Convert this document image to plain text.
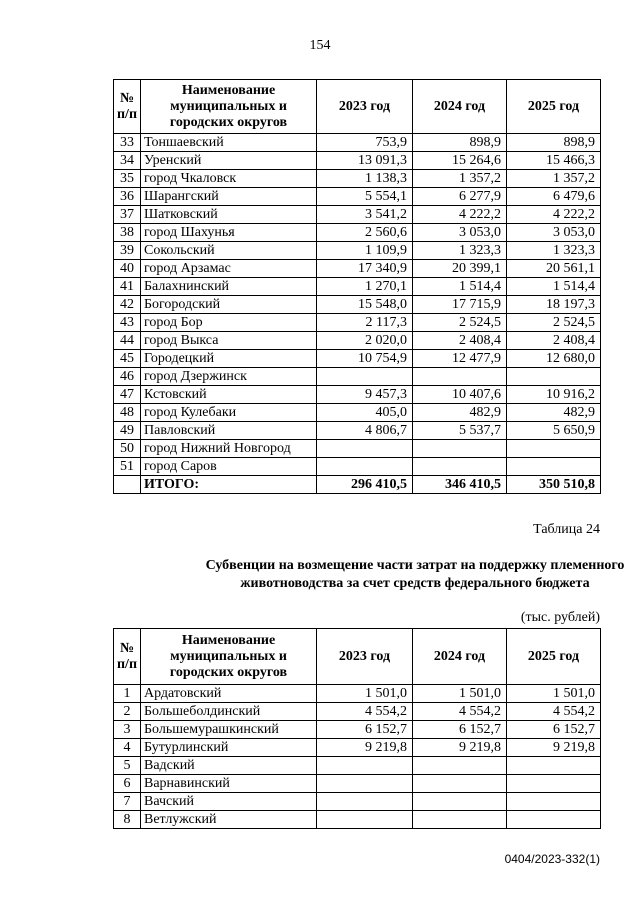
154
№ п/п	Наименование муниципальных и городских округов	2023 год	2024 год	2025 год
33	Тоншаевский	753,9	898,9	898,9
34	Уренский	13 091,3	15 264,6	15 466,3
35	город Чкаловск	1 138,3	1 357,2	1 357,2
36	Шарангский	5 554,1	6 277,9	6 479,6
37	Шатковский	3 541,2	4 222,2	4 222,2
38	город Шахунья	2 560,6	3 053,0	3 053,0
39	Сокольский	1 109,9	1 323,3	1 323,3
40	город Арзамас	17 340,9	20 399,1	20 561,1
41	Балахнинский	1 270,1	1 514,4	1 514,4
42	Богородский	15 548,0	17 715,9	18 197,3
43	город Бор	2 117,3	2 524,5	2 524,5
44	город Выкса	2 020,0	2 408,4	2 408,4
45	Городецкий	10 754,9	12 477,9	12 680,0
46	город Дзержинск			
47	Кстовский	9 457,3	10 407,6	10 916,2
48	город Кулебаки	405,0	482,9	482,9
49	Павловский	4 806,7	5 537,7	5 650,9
50	город Нижний Новгород			
51	город Саров			
	ИТОГО:	296 410,5	346 410,5	350 510,8
Таблица 24
Субвенции на возмещение части затрат на поддержку племенного животноводства за счет средств федерального бюджета
(тыс. рублей)
№ п/п	Наименование муниципальных и городских округов	2023 год	2024 год	2025 год
1	Ардатовский	1 501,0	1 501,0	1 501,0
2	Большеболдинский	4 554,2	4 554,2	4 554,2
3	Большемурашкинский	6 152,7	6 152,7	6 152,7
4	Бутурлинский	9 219,8	9 219,8	9 219,8
5	Вадский			
6	Варнавинский			
7	Вачский			
8	Ветлужский			
0404/2023-332(1)
